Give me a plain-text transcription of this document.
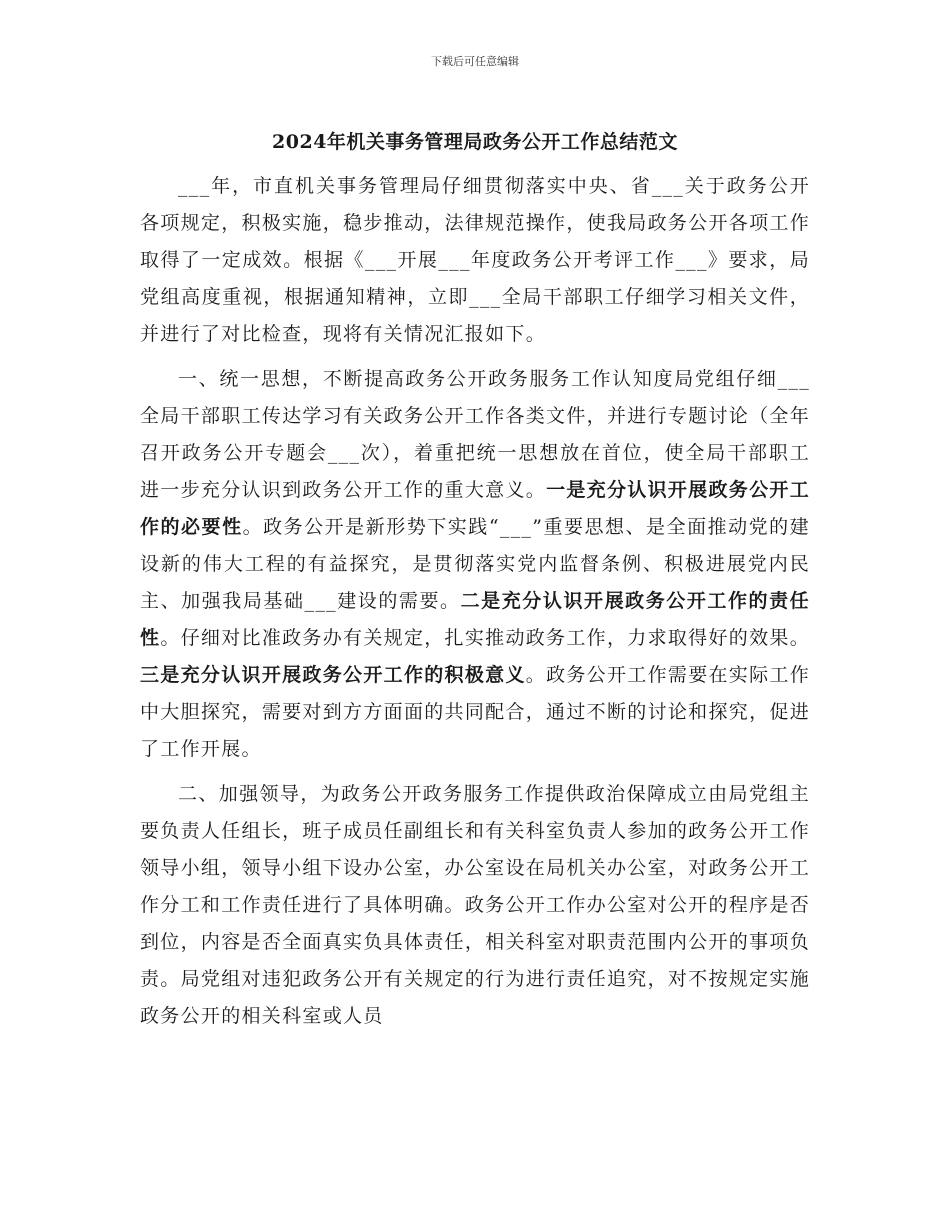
下载后可任意编辑
2024年机关事务管理局政务公开工作总结范文

___年，市直机关事务管理局仔细贯彻落实中央、省___关于政务公开各项规定，积极实施，稳步推动，法律规范操作，使我局政务公开各项工作取得了一定成效。根据《___开展___年度政务公开考评工作___》要求，局党组高度重视，根据通知精神，立即___全局干部职工仔细学习相关文件，并进行了对比检查，现将有关情况汇报如下。

一、统一思想，不断提高政务公开政务服务工作认知度局党组仔细___全局干部职工传达学习有关政务公开工作各类文件，并进行专题讨论（全年召开政务公开专题会___次），着重把统一思想放在首位，使全局干部职工进一步充分认识到政务公开工作的重大意义。一是充分认识开展政务公开工作的必要性。政务公开是新形势下实践“___”重要思想、是全面推动党的建设新的伟大工程的有益探究，是贯彻落实党内监督条例、积极进展党内民主、加强我局基础___建设的需要。二是充分认识开展政务公开工作的责任性。仔细对比准政务办有关规定，扎实推动政务工作，力求取得好的效果。三是充分认识开展政务公开工作的积极意义。政务公开工作需要在实际工作中大胆探究，需要对到方方面面的共同配合，通过不断的讨论和探究，促进了工作开展。

二、加强领导，为政务公开政务服务工作提供政治保障成立由局党组主要负责人任组长，班子成员任副组长和有关科室负责人参加的政务公开工作领导小组，领导小组下设办公室，办公室设在局机关办公室，对政务公开工作分工和工作责任进行了具体明确。政务公开工作办公室对公开的程序是否到位，内容是否全面真实负具体责任，相关科室对职责范围内公开的事项负责。局党组对违犯政务公开有关规定的行为进行责任追究，对不按规定实施政务公开的相关科室或人员
